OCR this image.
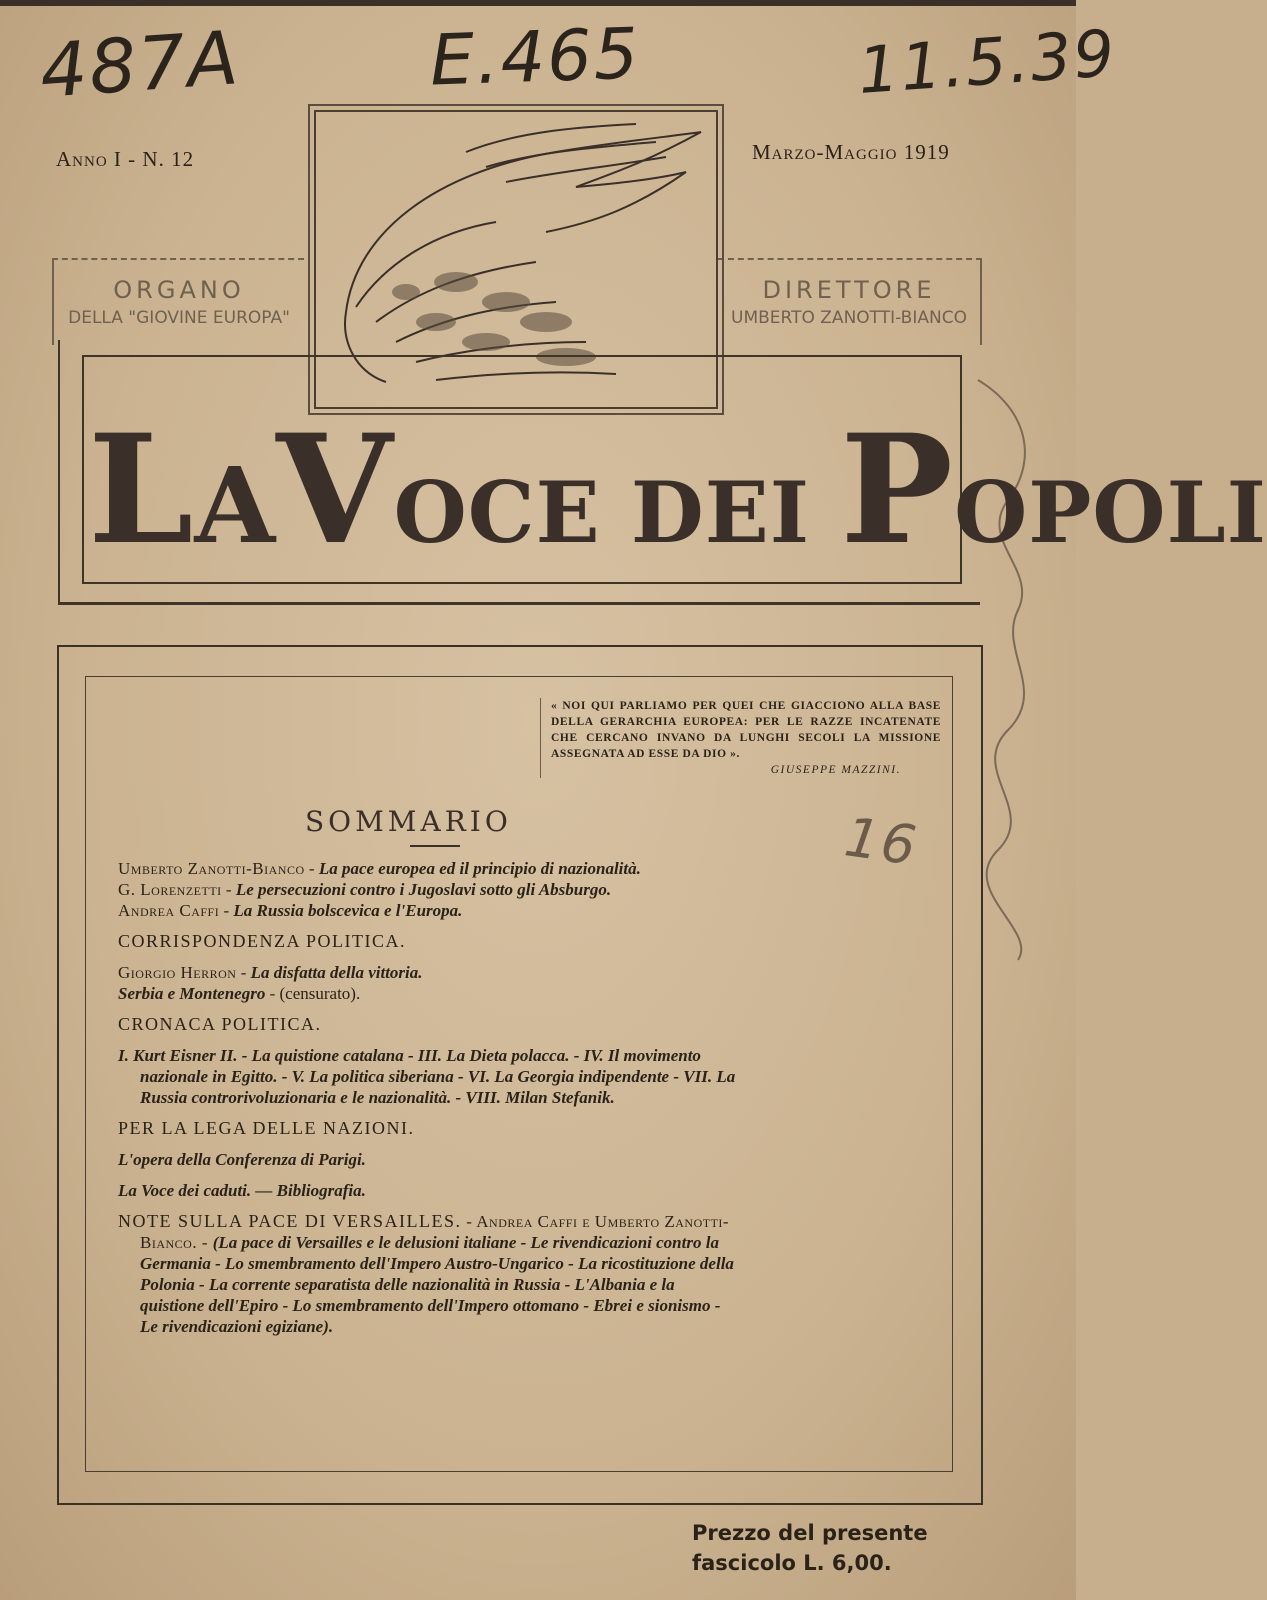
487A	E.465	11.5.39
16
Anno I - N. 12	Marzo-Maggio 1919
ORGANO
DELLA "GIOVINE EUROPA"
DIRETTORE
UMBERTO ZANOTTI-BIANCO
LAVOCE DEI POPOLI
« NOI QUI PARLIAMO PER QUEI CHE GIACCIONO ALLA BASE DELLA GERARCHIA EUROPEA: PER LE RAZZE INCATENATE CHE CERCANO INVANO DA LUNGHI SECOLI LA MISSIONE ASSEGNATA AD ESSE DA DIO ».
GIUSEPPE MAZZINI.
SOMMARIO

Umberto Zanotti-Bianco - La pace europea ed il principio di nazionalità.

G. Lorenzetti - Le persecuzioni contro i Jugoslavi sotto gli Absburgo.

Andrea Caffi - La Russia bolscevica e l'Europa.

CORRISPONDENZA POLITICA.

Giorgio Herron - La disfatta della vittoria.

Serbia e Montenegro - (censurato).

CRONACA POLITICA.

I. Kurt Eisner II. - La quistione catalana - III. La Dieta polacca. - IV. Il movimento nazionale in Egitto. - V. La politica siberiana - VI. La Georgia indipendente - VII. La Russia controrivoluzionaria e le nazionalità. - VIII. Milan Stefanik.

PER LA LEGA DELLE NAZIONI.

L'opera della Conferenza di Parigi.

La Voce dei caduti. — Bibliografia.

NOTE SULLA PACE DI VERSAILLES. - Andrea Caffi e Umberto Zanotti-Bianco. - (La pace di Versailles e le delusioni italiane - Le rivendicazioni contro la Germania - Lo smembramento dell'Impero Austro-Ungarico - La ricostituzione della Polonia - La corrente separatista delle nazionalità in Russia - L'Albania e la quistione dell'Epiro - Lo smembramento dell'Impero ottomano - Ebrei e sionismo - Le rivendicazioni egiziane).

Prezzo del presente
fascicolo L. 6,00.
